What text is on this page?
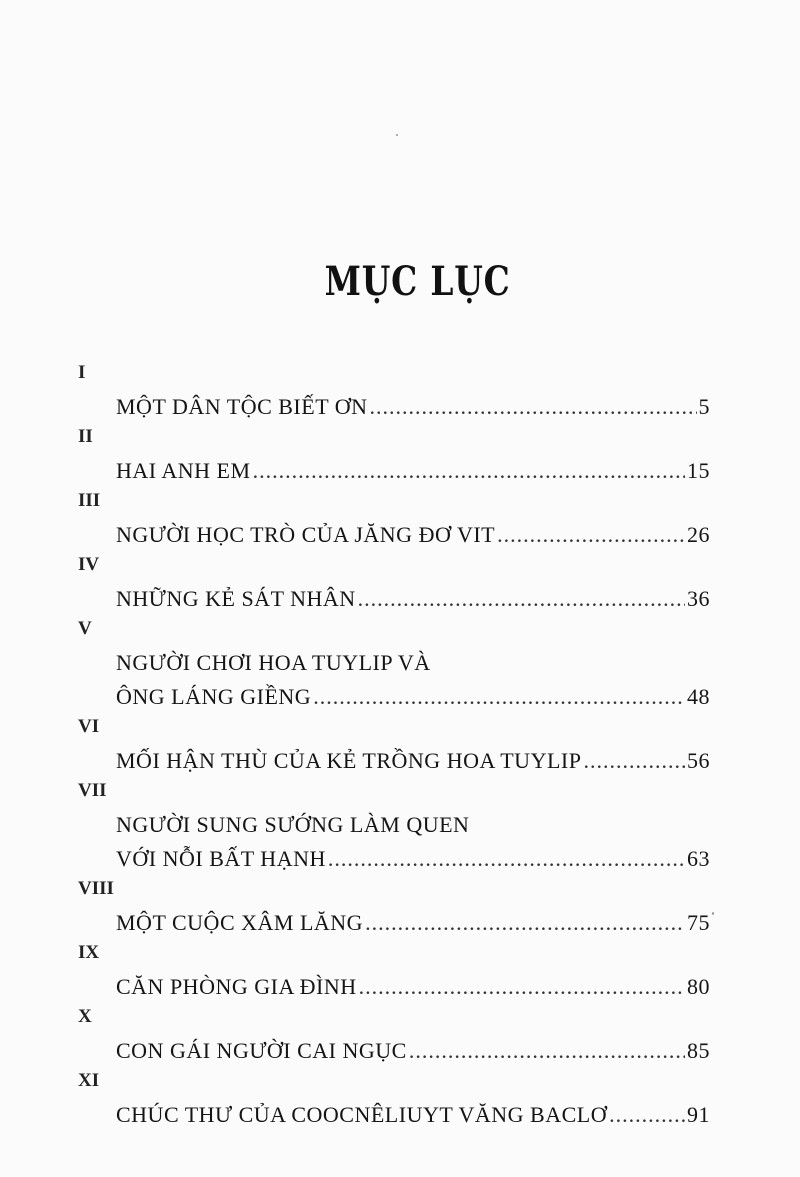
MỤC LỤC
I
MỘT DÂN TỘC BIẾT ƠN .....	5
II
HAI ANH EM .....	15
III
NGƯỜI HỌC TRÒ CỦA JĂNG ĐƠ VIT .....	26
IV
NHỮNG KẺ SÁT NHÂN .....	36
V
NGƯỜI CHƠI HOA TUYLIP VÀ
ÔNG LÁNG GIỀNG .....	48
VI
MỐI HẬN THÙ CỦA KẺ TRỒNG HOA TUYLIP .....	56
VII
NGƯỜI SUNG SƯỚNG LÀM QUEN
VỚI NỖI BẤT HẠNH .....	63
VIII
MỘT CUỘC XÂM LĂNG .....	75
IX
CĂN PHÒNG GIA ĐÌNH .....	80
X
CON GÁI NGƯỜI CAI NGỤC .....	85
XI
CHÚC THƯ CỦA COOCNÊLIUYT VĂNG BACLƠ .....	91
